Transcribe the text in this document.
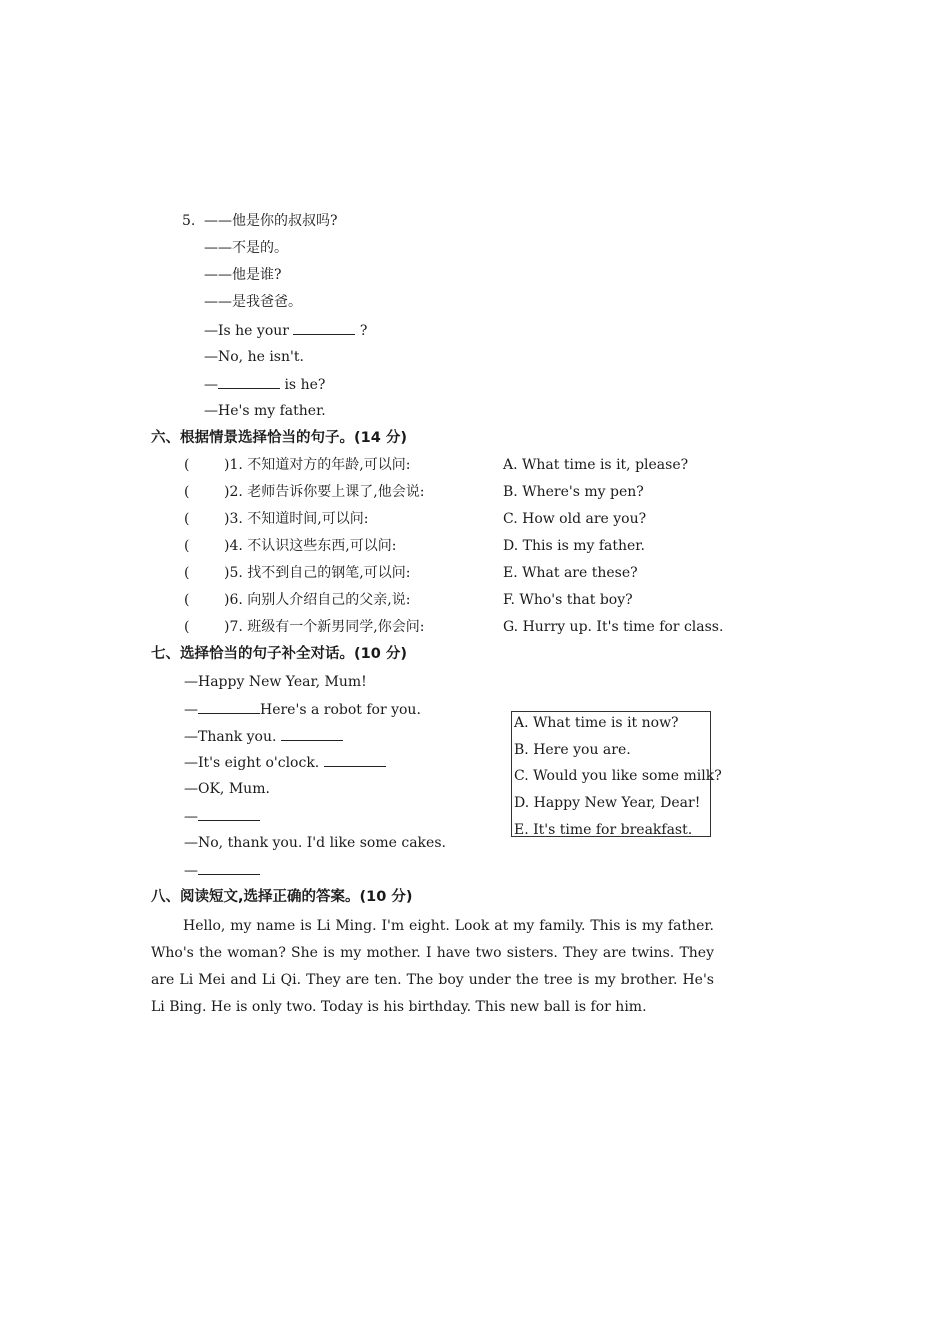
5. ——他是你的叔叔吗?
——不是的。
——他是谁?
——是我爸爸。
—Is he your	?
—No, he isn't.
—	is he?
—He's my father.
六、根据情景选择恰当的句子。(14 分)
( )1. 不知道对方的年龄,可以问:
( )2. 老师告诉你要上课了,他会说:
( )3. 不知道时间,可以问:
( )4. 不认识这些东西,可以问:
( )5. 找不到自己的钢笔,可以问:
( )6. 向别人介绍自己的父亲,说:
( )7. 班级有一个新男同学,你会问:
A. What time is it, please?
B. Where's my pen?
C. How old are you?
D. This is my father.
E. What are these?
F. Who's that boy?
G. Hurry up. It's time for class.
七、选择恰当的句子补全对话。(10 分)
—Happy New Year, Mum!
—	Here's a robot for you.
—Thank you.
—It's eight o'clock.
—OK, Mum.
—
—No, thank you. I'd like some cakes.
—
A. What time is it now?
B. Here you are.
C. Would you like some milk?
D. Happy New Year, Dear!
E. It's time for breakfast.
八、阅读短文,选择正确的答案。(10 分)
Hello, my name is Li Ming. I'm eight. Look at my family. This is my father. Who's the woman? She is my mother. I have two sisters. They are twins. They are Li Mei and Li Qi. They are ten. The boy under the tree is my brother. He's Li Bing. He is only two. Today is his birthday. This new ball is for him.
